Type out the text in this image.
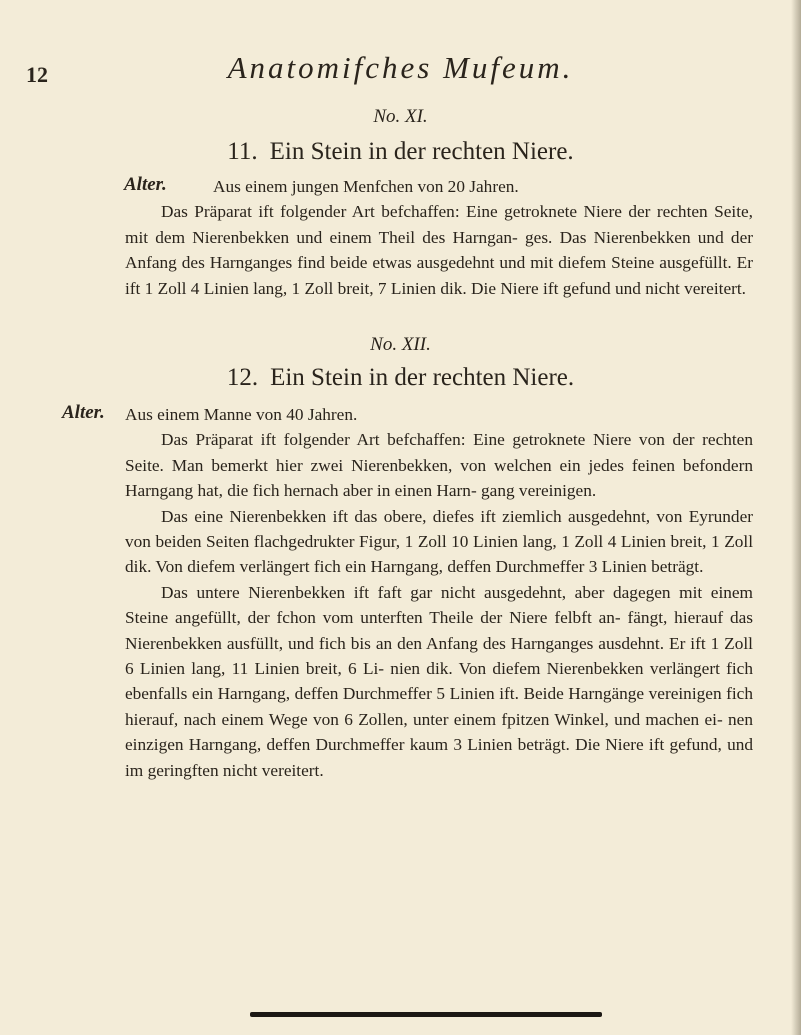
12	Anatomifches Mufeum.
No. XI.
11. Ein Stein in der rechten Niere.
Alter.	Aus einem jungen Menfchen von 20 Jahren.

Das Präparat ift folgender Art befchaffen: Eine getroknete Niere der rechten Seite, mit dem Nierenbekken und einem Theil des Harngan- ges. Das Nierenbekken und der Anfang des Harnganges find beide etwas ausgedehnt und mit diefem Steine ausgefüllt. Er ift 1 Zoll 4 Linien lang, 1 Zoll breit, 7 Linien dik. Die Niere ift gefund und nicht vereitert.

No. XII.
12. Ein Stein in der rechten Niere.
Alter. Aus einem Manne von 40 Jahren.

Das Präparat ift folgender Art befchaffen: Eine getroknete Niere von der rechten Seite. Man bemerkt hier zwei Nierenbekken, von welchen ein jedes feinen befondern Harngang hat, die fich hernach aber in einen Harn- gang vereinigen.

Das eine Nierenbekken ift das obere, diefes ift ziemlich ausgedehnt, von Eyrunder von beiden Seiten flachgedrukter Figur, 1 Zoll 10 Linien lang, 1 Zoll 4 Linien breit, 1 Zoll dik. Von diefem verlängert fich ein Harngang, deffen Durchmeffer 3 Linien beträgt.

Das untere Nierenbekken ift faft gar nicht ausgedehnt, aber dagegen mit einem Steine angefüllt, der fchon vom unterften Theile der Niere felbft an- fängt, hierauf das Nierenbekken ausfüllt, und fich bis an den Anfang des Harnganges ausdehnt. Er ift 1 Zoll 6 Linien lang, 11 Linien breit, 6 Li- nien dik. Von diefem Nierenbekken verlängert fich ebenfalls ein Harngang, deffen Durchmeffer 5 Linien ift. Beide Harngänge vereinigen fich hierauf, nach einem Wege von 6 Zollen, unter einem fpitzen Winkel, und machen ei- nen einzigen Harngang, deffen Durchmeffer kaum 3 Linien beträgt. Die Niere ift gefund, und im geringften nicht vereitert.
